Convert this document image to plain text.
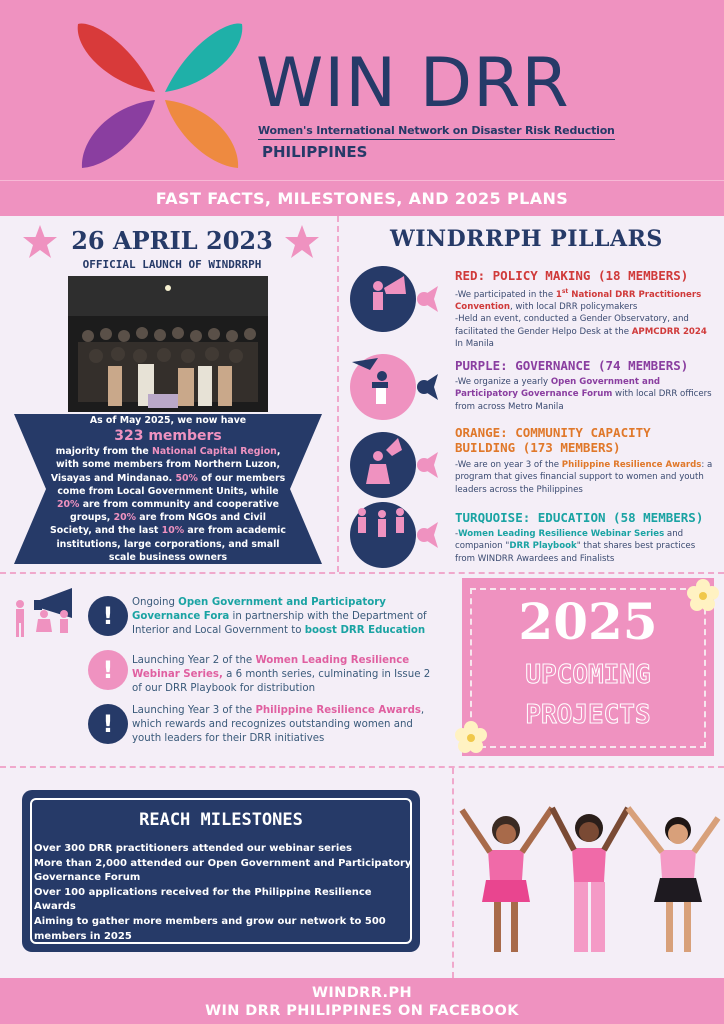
WIN DRR
Women's International Network on Disaster Risk Reduction
PHILIPPINES
FAST FACTS, MILESTONES, AND 2025 PLANS
26 APRIL 2023
OFFICIAL LAUNCH OF WINDRRPH
As of May 2025, we now have
323 members
majority from the National Capital Region, with some members from Northern Luzon, Visayas and Mindanao. 50% of our members come from Local Government Units, while 20% are from community and cooperative groups, 20% are from NGOs and Civil Society, and the last 10% are from academic institutions, large corporations, and small scale business owners
WINDRRPH PILLARS
RED: POLICY MAKING (18 MEMBERS)
-We participated in the 1st National DRR Practitioners Convention, with local DRR policymakers
-Held an event, conducted a Gender Observatory, and facilitated the Gender Helpo Desk at the APMCDRR 2024 In Manila
PURPLE: GOVERNANCE (74 MEMBERS)
-We organize a yearly Open Government and Participatory Governance Forum with local DRR officers from across Metro Manila
ORANGE: COMMUNITY CAPACITY
BUILDING (173 MEMBERS)
-We are on year 3 of the Philippine Resilience Awards: a program that gives financial support to women and youth leaders across the Philippines
TURQUOISE: EDUCATION (58 MEMBERS)
-Women Leading Resilience Webinar Series and companion "DRR Playbook" that shares best practices from WINDRR Awardees and Finalists
!	Ongoing Open Government and Participatory Governance Fora in partnership with the Department of Interior and Local Government to boost DRR Education
!	Launching Year 2 of the Women Leading Resilience Webinar Series, a 6 month series, culminating in Issue 2 of our DRR Playbook for distribution
!	Launching Year 3 of the Philippine Resilience Awards, which rewards and recognizes outstanding women and youth leaders for their DRR initiatives
2025
UPCOMING
PROJECTS
REACH MILESTONES
Over 300 DRR practitioners attended our webinar series
More than 2,000 attended our Open Government and Participatory Governance Forum
Over 100 applications received for the Philippine Resilience Awards
Aiming to gather more members and grow our network to 500 members in 2025
WINDRR.PH
WIN DRR PHILIPPINES ON FACEBOOK
